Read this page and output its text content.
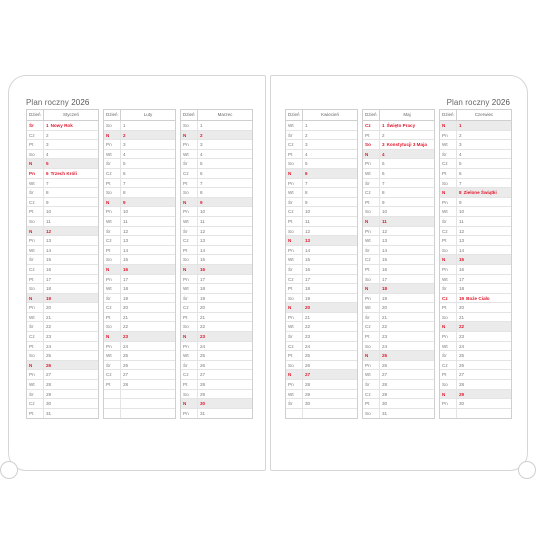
Plan roczny 2026
Dzień	Styczeń
Śr	1 Nowy Rok
Cz	2
Pt	3
So	4
N	5
Pn	6 Trzech Króli
Wt	7
Śr	8
Cz	9
Pt	10
So	11
N	12
Pn	13
Wt	14
Śr	15
Cz	16
Pt	17
So	18
N	19
Pn	20
Wt	21
Śr	22
Cz	23
Pt	24
So	25
N	26
Pn	27
Wt	28
Śr	29
Cz	30
Pt	31
Dzień	Luty
So	1
N	2
Pn	3
Wt	4
Śr	5
Cz	6
Pt	7
So	8
N	9
Pn	10
Wt	11
Śr	12
Cz	13
Pt	14
So	15
N	16
Pn	17
Wt	18
Śr	19
Cz	20
Pt	21
So	22
N	23
Pn	24
Wt	25
Śr	26
Cz	27
Pt	28
Dzień	Marzec
So	1
N	2
Pn	3
Wt	4
Śr	5
Cz	6
Pt	7
So	8
N	9
Pn	10
Wt	11
Śr	12
Cz	13
Pt	14
So	15
N	16
Pn	17
Wt	18
Śr	19
Cz	20
Pt	21
So	22
N	23
Pn	24
Wt	25
Śr	26
Cz	27
Pt	28
So	29
N	30
Pn	31
Plan roczny 2026
Dzień	Kwiecień
Wt	1
Śr	2
Cz	3
Pt	4
So	5
N	6
Pn	7
Wt	8
Śr	9
Cz	10
Pt	11
So	12
N	13
Pn	14
Wt	15
Śr	16
Cz	17
Pt	18
So	19
N	20
Pn	21
Wt	22
Śr	23
Cz	24
Pt	25
So	26
N	27
Pn	28
Wt	29
Śr	30
Dzień	Maj
Cz	1 Święto Pracy
Pt	2
So	3 Konstytucji 3 Maja
N	4
Pn	5
Wt	6
Śr	7
Cz	8
Pt	9
So	10
N	11
Pn	12
Wt	13
Śr	14
Cz	15
Pt	16
So	17
N	18
Pn	19
Wt	20
Śr	21
Cz	22
Pt	23
So	24
N	25
Pn	26
Wt	27
Śr	28
Cz	29
Pt	30
So	31
Dzień	Czerwiec
N	1
Pn	2
Wt	3
Śr	4
Cz	5
Pt	6
So	7
N	8 Zielone Świątki
Pn	9
Wt	10
Śr	11
Cz	12
Pt	13
So	14
N	15
Pn	16
Wt	17
Śr	18
Cz	19 Boże Ciało
Pt	20
So	21
N	22
Pn	23
Wt	24
Śr	25
Cz	26
Pt	27
So	28
N	29
Pn	30
